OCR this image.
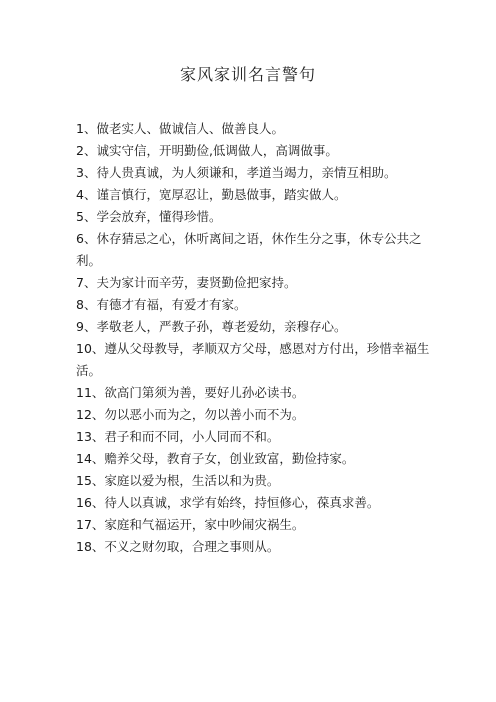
家风家训名言警句
1、做老实人、做诚信人、做善良人。
2、诚实守信，开明勤俭,低调做人，高调做事。
3、待人贵真诚，为人须谦和，孝道当竭力，亲情互相助。
4、谨言慎行，宽厚忍让，勤恳做事，踏实做人。
5、学会放弃，懂得珍惜。
6、休存猜忌之心，休听离间之语，休作生分之事，休专公共之利。
7、夫为家计而辛劳，妻贤勤俭把家持。
8、有德才有福，有爱才有家。
9、孝敬老人，严教子孙，尊老爱幼，亲穆存心。
10、遵从父母教导，孝顺双方父母，感恩对方付出，珍惜幸福生活。
11、欲高门第须为善，要好儿孙必读书。
12、勿以恶小而为之，勿以善小而不为。
13、君子和而不同，小人同而不和。
14、赡养父母，教育子女，创业致富，勤俭持家。
15、家庭以爱为根，生活以和为贵。
16、待人以真诚，求学有始终，持恒修心，葆真求善。
17、家庭和气福运开，家中吵闹灾祸生。
18、不义之财勿取，合理之事则从。
